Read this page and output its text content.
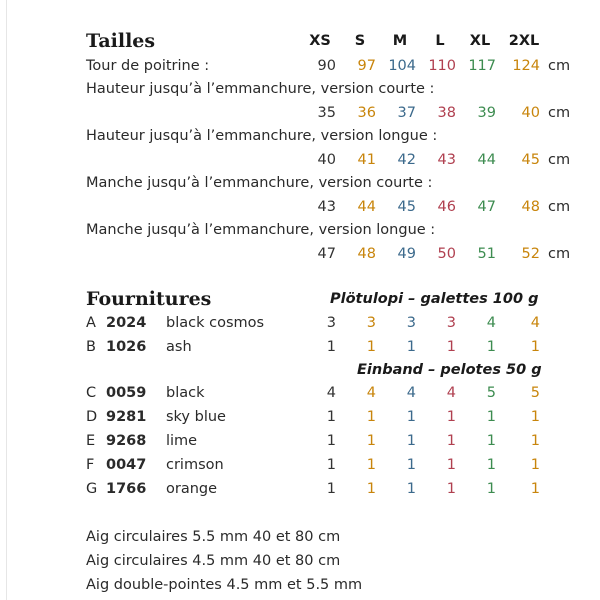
Tailles	XS	S	M	L	XL	2XL
Tour de poitrine :	90	97 104 110 117	124 cm
Hauteur jusqu’à l’emmanchure, version courte :
35	36	37	38	39	40 cm
Hauteur jusqu’à l’emmanchure, version longue :
40	41	42	43	44	45 cm
Manche jusqu’à l’emmanchure, version courte :
43	44	45	46	47	48 cm
Manche jusqu’à l’emmanchure, version longue :
47	48	49	50	51	52 cm
Fournitures	Plötulopi – galettes 100 g
A 2024 black cosmos	3	3	3	3	4	4
B 1026 ash	1	1	1	1	1	1
Einband – pelotes 50 g
C 0059 black	4	4	4	4	5	5
D 9281 sky blue	1	1	1	1	1	1
E 9268 lime	1	1	1	1	1	1
F 0047 crimson	1	1	1	1	1	1
G 1766 orange	1	1	1	1	1	1
Aig circulaires 5.5 mm 40 et 80 cm
Aig circulaires 4.5 mm 40 et 80 cm
Aig double-pointes 4.5 mm et 5.5 mm
